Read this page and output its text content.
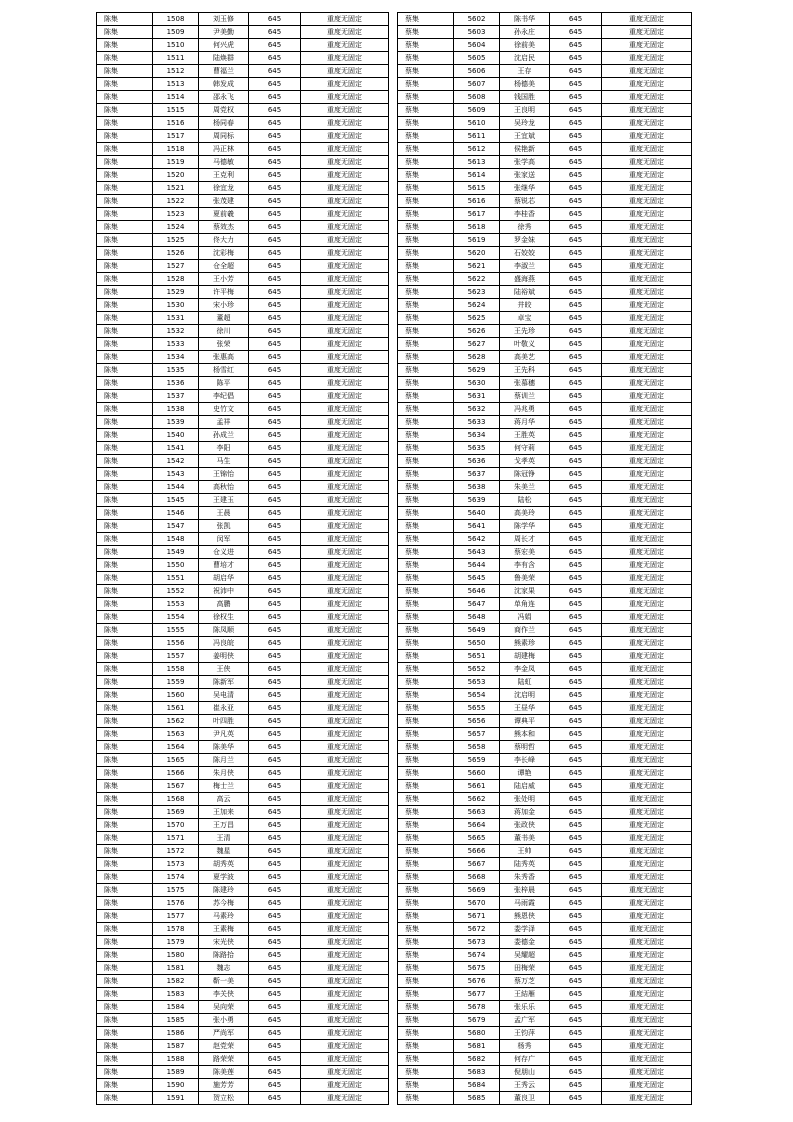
陈集	1508	刘玉修	645	重度无固定
陈集	1509	尹美勤	645	重度无固定
陈集	1510	何兴虎	645	重度无固定
陈集	1511	陆焕群	645	重度无固定
陈集	1512	曹福兰	645	重度无固定
陈集	1513	韩发成	645	重度无固定
陈集	1514	邵永飞	645	重度无固定
陈集	1515	周党权	645	重度无固定
陈集	1516	杨同春	645	重度无固定
陈集	1517	周同标	645	重度无固定
陈集	1518	冯正林	645	重度无固定
陈集	1519	马德敏	645	重度无固定
陈集	1520	王克利	645	重度无固定
陈集	1521	徐宜龙	645	重度无固定
陈集	1522	张茂建	645	重度无固定
陈集	1523	夏前羲	645	重度无固定
陈集	1524	蔡效杰	645	重度无固定
陈集	1525	佟大力	645	重度无固定
陈集	1526	沈彩梅	645	重度无固定
陈集	1527	仓全超	645	重度无固定
陈集	1528	王小芳	645	重度无固定
陈集	1529	许平梅	645	重度无固定
陈集	1530	宋小珍	645	重度无固定
陈集	1531	董超	645	重度无固定
陈集	1532	徐川	645	重度无固定
陈集	1533	张荣	645	重度无固定
陈集	1534	张惠高	645	重度无固定
陈集	1535	杨雪红	645	重度无固定
陈集	1536	陈平	645	重度无固定
陈集	1537	李纪倡	645	重度无固定
陈集	1538	史竹文	645	重度无固定
陈集	1539	孟祥	645	重度无固定
陈集	1540	孙成兰	645	重度无固定
陈集	1541	李阳	645	重度无固定
陈集	1542	马生	645	重度无固定
陈集	1543	王锦怡	645	重度无固定
陈集	1544	高秋怡	645	重度无固定
陈集	1545	王建玉	645	重度无固定
陈集	1546	王晨	645	重度无固定
陈集	1547	张凯	645	重度无固定
陈集	1548	闵军	645	重度无固定
陈集	1549	仓义进	645	重度无固定
陈集	1550	曹培才	645	重度无固定
陈集	1551	胡启华	645	重度无固定
陈集	1552	祝沛中	645	重度无固定
陈集	1553	高鹏	645	重度无固定
陈集	1554	徐权生	645	重度无固定
陈集	1555	陈凤顺	645	重度无固定
陈集	1556	冯良皖	645	重度无固定
陈集	1557	姜明侠	645	重度无固定
陈集	1558	王侠	645	重度无固定
陈集	1559	陈新军	645	重度无固定
陈集	1560	吴电清	645	重度无固定
陈集	1561	崔永亚	645	重度无固定
陈集	1562	叶四胜	645	重度无固定
陈集	1563	尹凡英	645	重度无固定
陈集	1564	陈美华	645	重度无固定
陈集	1565	陈月兰	645	重度无固定
陈集	1566	朱月侠	645	重度无固定
陈集	1567	梅士兰	645	重度无固定
陈集	1568	高云	645	重度无固定
陈集	1569	王加来	645	重度无固定
陈集	1570	王万昌	645	重度无固定
陈集	1571	王清	645	重度无固定
陈集	1572	魏星	645	重度无固定
陈集	1573	胡秀英	645	重度无固定
陈集	1574	夏学波	645	重度无固定
陈集	1575	陈建玲	645	重度无固定
陈集	1576	苏今梅	645	重度无固定
陈集	1577	马素玲	645	重度无固定
陈集	1578	王素梅	645	重度无固定
陈集	1579	宋光侠	645	重度无固定
陈集	1580	陈路拾	645	重度无固定
陈集	1581	魏志	645	重度无固定
陈集	1582	靳一美	645	重度无固定
陈集	1583	李关侠	645	重度无固定
陈集	1584	吴向荣	645	重度无固定
陈集	1585	张小勇	645	重度无固定
陈集	1586	严尚军	645	重度无固定
陈集	1587	赵党荣	645	重度无固定
陈集	1588	路荣荣	645	重度无固定
陈集	1589	陈美莲	645	重度无固定
陈集	1590	施芳芳	645	重度无固定
陈集	1591	贺立松	645	重度无固定
蔡集	5602	陈书华	645	重度无固定
蔡集	5603	孙永庄	645	重度无固定
蔡集	5604	徐前美	645	重度无固定
蔡集	5605	沈启民	645	重度无固定
蔡集	5606	王存	645	重度无固定
蔡集	5607	杨德美	645	重度无固定
蔡集	5608	钱国胜	645	重度无固定
蔡集	5609	王良明	645	重度无固定
蔡集	5610	吴玲龙	645	重度无固定
蔡集	5611	王宜斌	645	重度无固定
蔡集	5612	侯艳新	645	重度无固定
蔡集	5613	张学高	645	重度无固定
蔡集	5614	张家送	645	重度无固定
蔡集	5615	张继华	645	重度无固定
蔡集	5616	蔡锐芯	645	重度无固定
蔡集	5617	李桂香	645	重度无固定
蔡集	5618	徐秀	645	重度无固定
蔡集	5619	罗金妹	645	重度无固定
蔡集	5620	石姣姣	645	重度无固定
蔡集	5621	李淑兰	645	重度无固定
蔡集	5622	盛海燕	645	重度无固定
蔡集	5623	陆裕斌	645	重度无固定
蔡集	5624	井皎	645	重度无固定
蔡集	5625	卓宝	645	重度无固定
蔡集	5626	王先珍	645	重度无固定
蔡集	5627	叶敬义	645	重度无固定
蔡集	5628	高美艺	645	重度无固定
蔡集	5629	王先科	645	重度无固定
蔡集	5630	张慕穗	645	重度无固定
蔡集	5631	蔡训兰	645	重度无固定
蔡集	5632	冯兆勇	645	重度无固定
蔡集	5633	蒋月华	645	重度无固定
蔡集	5634	王胜英	645	重度无固定
蔡集	5635	何守莉	645	重度无固定
蔡集	5636	戈孝英	645	重度无固定
蔡集	5637	陈冠铮	645	重度无固定
蔡集	5638	朱美兰	645	重度无固定
蔡集	5639	陆松	645	重度无固定
蔡集	5640	高美玲	645	重度无固定
蔡集	5641	陈学华	645	重度无固定
蔡集	5642	周长才	645	重度无固定
蔡集	5643	蔡宏美	645	重度无固定
蔡集	5644	李有含	645	重度无固定
蔡集	5645	鲁美荣	645	重度无固定
蔡集	5646	沈家果	645	重度无固定
蔡集	5647	单角连	645	重度无固定
蔡集	5648	冯娟	645	重度无固定
蔡集	5649	商作兰	645	重度无固定
蔡集	5650	熊素珍	645	重度无固定
蔡集	5651	胡建梅	645	重度无固定
蔡集	5652	李金凤	645	重度无固定
蔡集	5653	陆虹	645	重度无固定
蔡集	5654	沈启明	645	重度无固定
蔡集	5655	王昼华	645	重度无固定
蔡集	5656	谭典平	645	重度无固定
蔡集	5657	熊本和	645	重度无固定
蔡集	5658	蔡明哲	645	重度无固定
蔡集	5659	李长峰	645	重度无固定
蔡集	5660	谭艳	645	重度无固定
蔡集	5661	陆启威	645	重度无固定
蔡集	5662	张处明	645	重度无固定
蔡集	5663	蒋加金	645	重度无固定
蔡集	5664	张政侠	645	重度无固定
蔡集	5665	董书美	645	重度无固定
蔡集	5666	王帅	645	重度无固定
蔡集	5667	陆秀英	645	重度无固定
蔡集	5668	朱秀香	645	重度无固定
蔡集	5669	张梓晨	645	重度无固定
蔡集	5670	马雨霞	645	重度无固定
蔡集	5671	熊恩侠	645	重度无固定
蔡集	5672	娄学泽	645	重度无固定
蔡集	5673	娄德金	645	重度无固定
蔡集	5674	吴耀超	645	重度无固定
蔡集	5675	田梅荣	645	重度无固定
蔡集	5676	蔡万芝	645	重度无固定
蔡集	5677	王結雁	645	重度无固定
蔡集	5678	张乐乐	645	重度无固定
蔡集	5679	孟广军	645	重度无固定
蔡集	5680	王钧萍	645	重度无固定
蔡集	5681	杨秀	645	重度无固定
蔡集	5682	何存广	645	重度无固定
蔡集	5683	倪朋山	645	重度无固定
蔡集	5684	王秀云	645	重度无固定
蔡集	5685	董良卫	645	重度无固定
